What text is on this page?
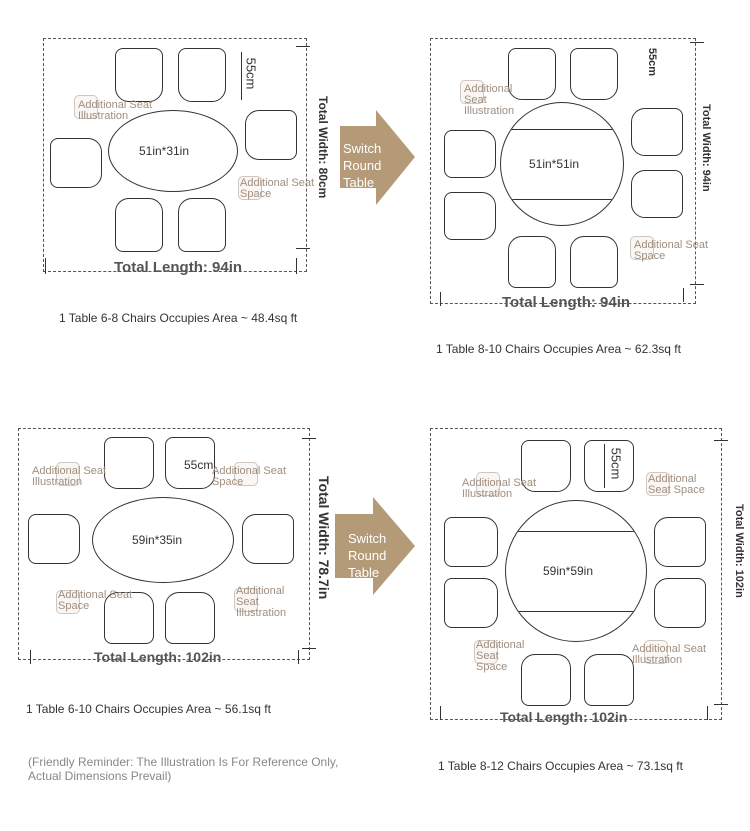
51in*31in
55cm
Additional Seat Illustration
Additional Seat Space	Total Width: 80cm
Total Length: 94in
1 Table 6-8 Chairs Occupies Area ~ 48.4sq ft
Switch Round Table
51in*51in
55cm
Additional Seat Illustration
Additional Seat Space
Total Width: 94in
Total Length: 94in
1 Table 8-10 Chairs Occupies Area ~ 62.3sq ft
59in*35in
55cm
Additional Seat Illustration
Additional Seat Space
Additional Seat Space
Additional Seat Illustration
Total Width: 78.7in
Total Length: 102in
1 Table 6-10 Chairs Occupies Area ~ 56.1sq ft
(Friendly Reminder: The Illustration Is For Reference Only, Actual Dimensions Prevail)
Switch Round Table	59in*59in
55cm
Additional Seat Illustration
Additional Seat Space
Additional Seat Space
Additional Seat Illustration
Total Width: 102in
Total Length: 102in
1 Table 8-12 Chairs Occupies Area ~ 73.1sq ft
